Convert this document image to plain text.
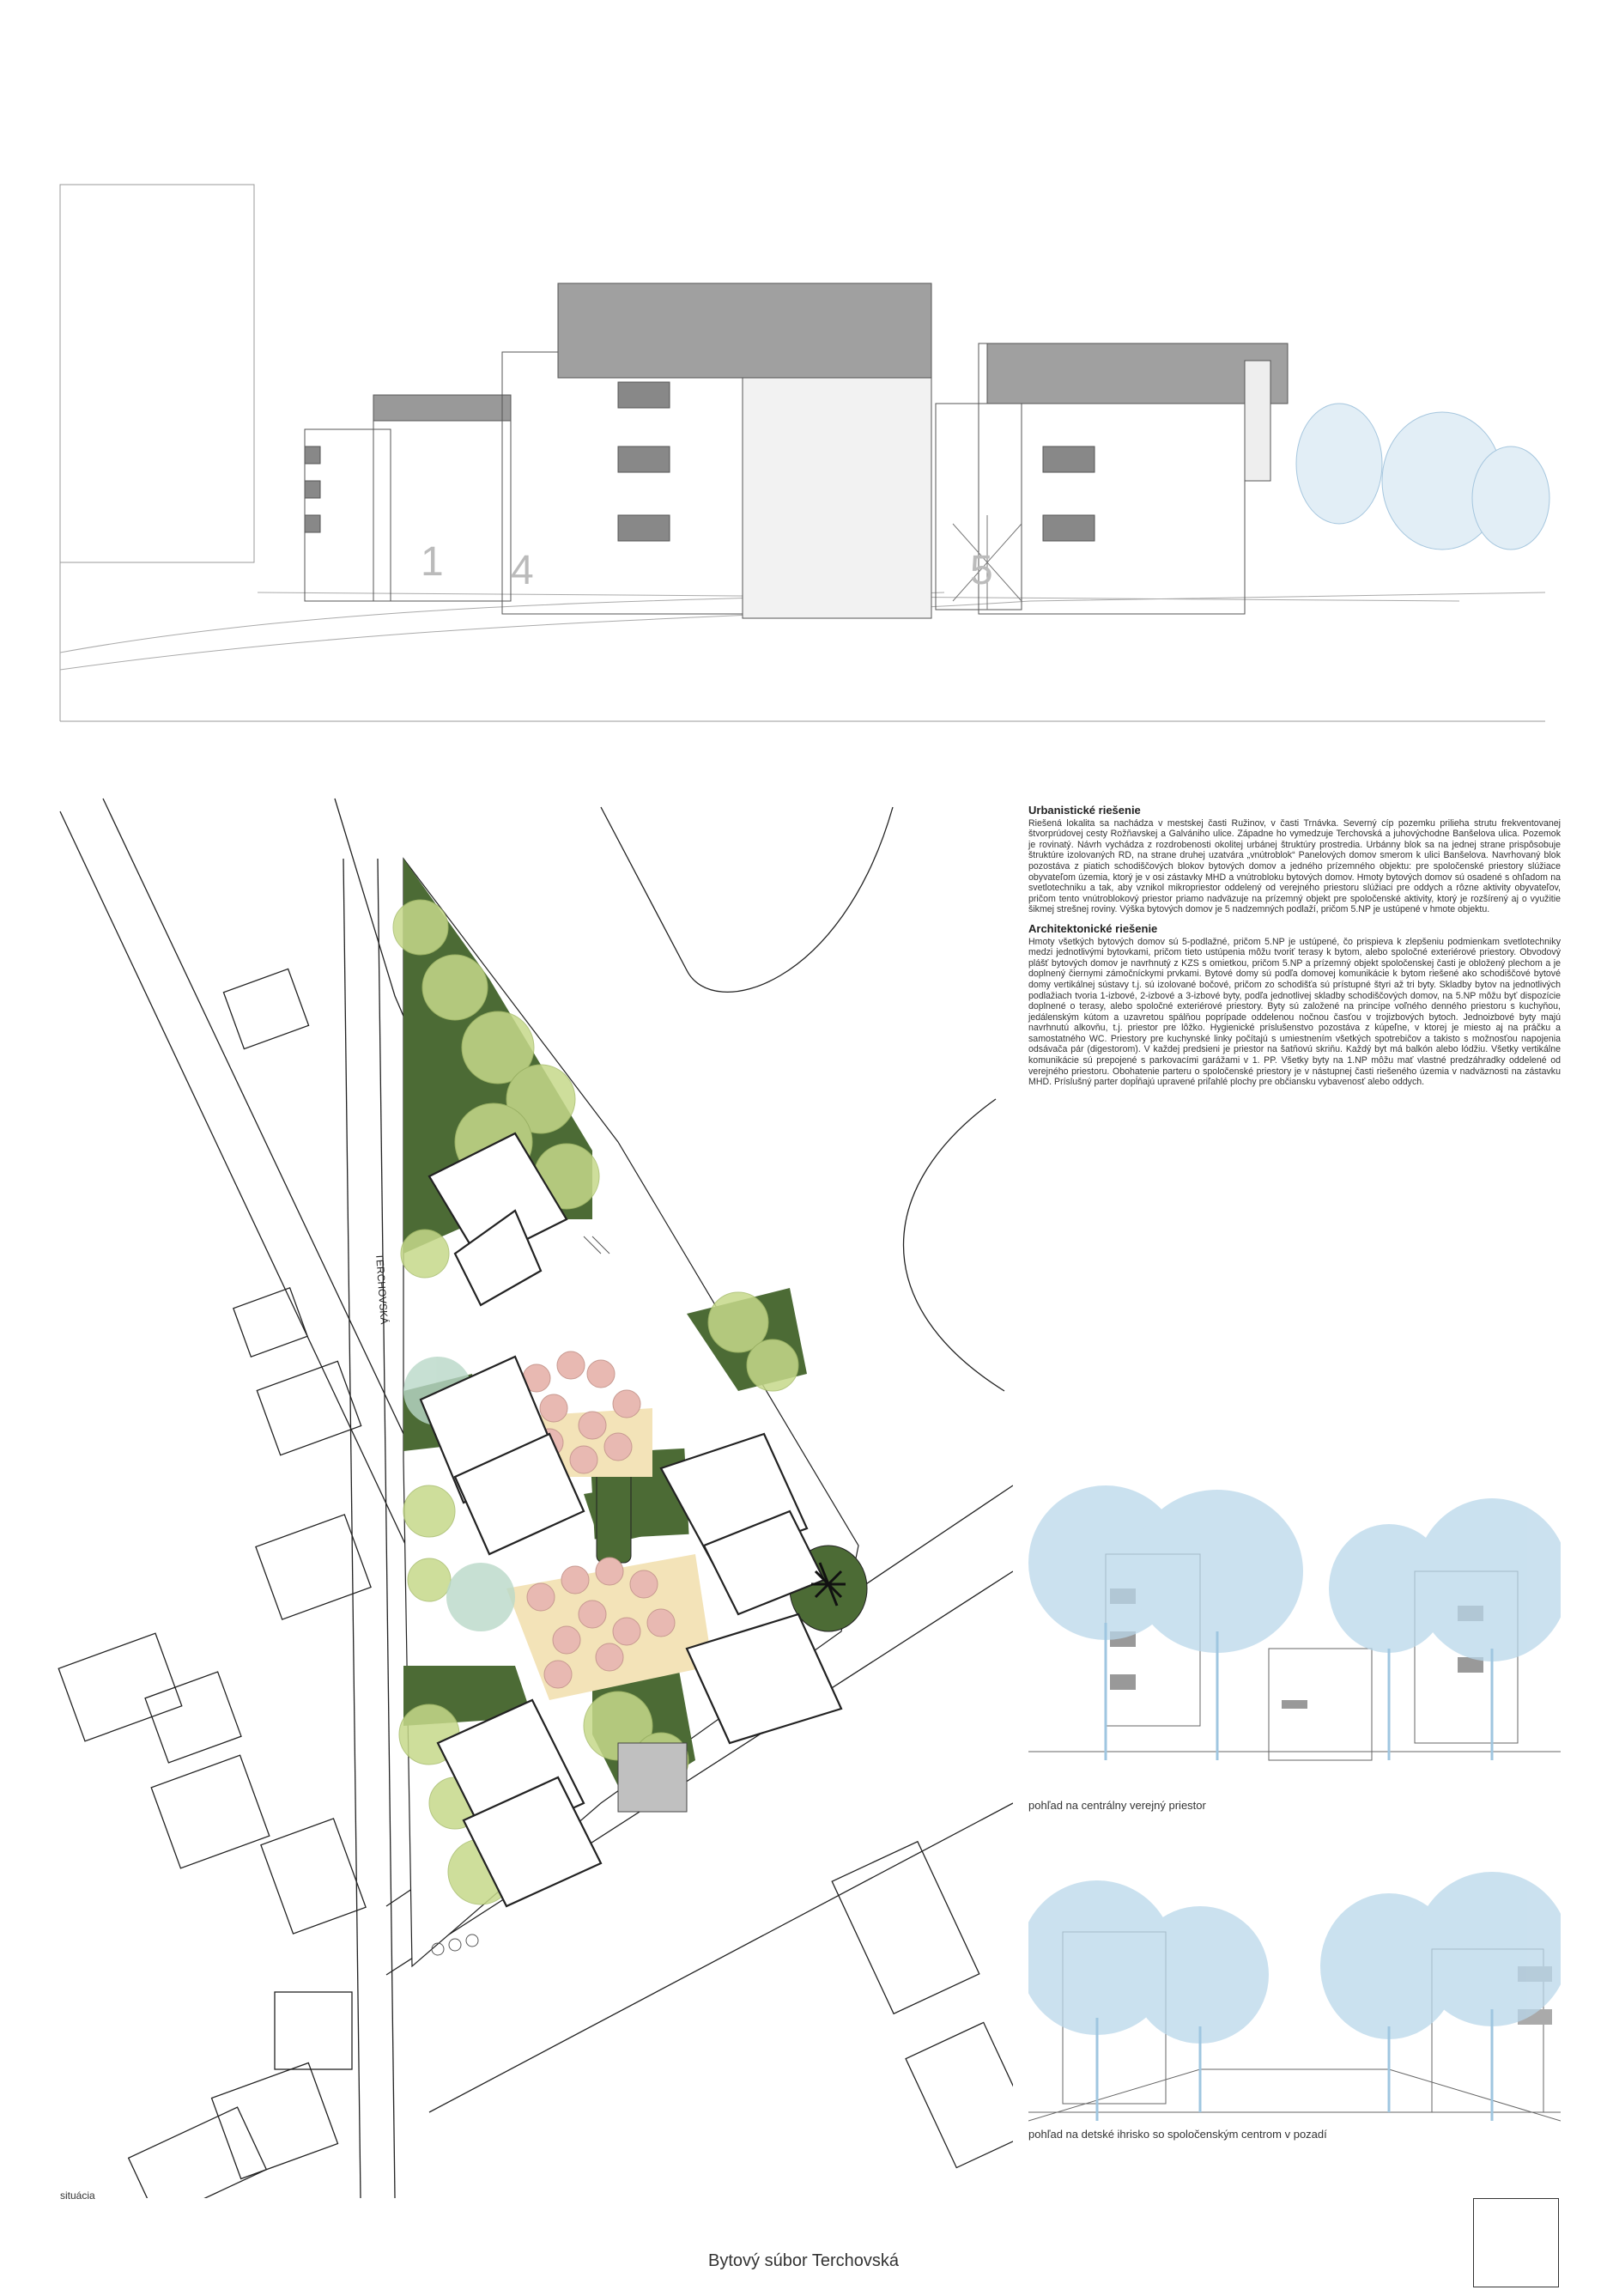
1 4	5
TERCHOVSKÁ
Urbanistické riešenie

Riešená lokalita sa nachádza v mestskej časti Ružinov, v časti Trnávka. Severný cíp pozemku prilieha strutu frekventovanej štvorprúdovej cesty Rožňavskej a Galvániho ulice. Západne ho vymedzuje Terchovská a juhovýchodne Banšelova ulica. Pozemok je rovinatý. Návrh vychádza z rozdrobenosti okolitej urbánej štruktúry prostredia. Urbánny blok sa na jednej strane prispôsobuje štruktúre izolovaných RD, na strane druhej uzatvára „vnútroblok“ Panelových domov smerom k ulici Banšelova. Navrhovaný blok pozostáva z piatich schodiščových blokov bytových domov a jedného prízemného objektu: pre spoločenské priestory slúžiace obyvateľom územia, ktorý je v osi zástavky MHD a vnútrobloku bytových domov. Hmoty bytových domov sú osadené s ohľadom na svetlotechniku a tak, aby vznikol mikropriestor oddelený od verejného priestoru slúžiaci pre oddych a rôzne aktivity obyvateľov, pričom tento vnútroblokový priestor priamo nadväzuje na prízemný objekt pre spoločenské aktivity, ktorý je rozšírený aj o využitie šikmej strešnej roviny. Výška bytových domov je 5 nadzemných podlaží, pričom 5.NP je ustúpené v hmote objektu.

Architektonické riešenie

Hmoty všetkých bytových domov sú 5-podlažné, pričom 5.NP je ustúpené, čo prispieva k zlepšeniu podmienkam svetlotechniky medzi jednotlivými bytovkami, pričom tieto ustúpenia môžu tvoriť terasy k bytom, alebo spoločné exteriérové priestory. Obvodový plášť bytových domov je navrhnutý z KZS s omietkou, pričom 5.NP a prízemný objekt spoločenskej časti je obložený plechom a je doplnený čiernymi zámočníckymi prvkami. Bytové domy sú podľa domovej komunikácie k bytom riešené ako schodiščové bytové domy vertikálnej sústavy t.j. sú izolované bočové, pričom zo schodišťa sú prístupné štyri až tri byty. Skladby bytov na jednotlivých podlažiach tvoria 1-izbové, 2-izbové a 3-izbové byty, podľa jednotlivej skladby schodiščových domov, na 5.NP môžu byť dispozície doplnené o terasy, alebo spoločné exteriérové priestory. Byty sú založené na princípe voľného denného priestoru s kuchyňou, jedálenským kútom a uzavretou spálňou poprípade oddelenou nočnou časťou v trojizbových bytoch. Jednoizbové byty majú navrhnutú alkovňu, t.j. priestor pre lôžko. Hygienické príslušenstvo pozostáva z kúpeľne, v ktorej je miesto aj na práčku a samostatného WC. Priestory pre kuchynské linky počítajú s umiestnením všetkých spotrebičov a takisto s možnosťou napojenia odsávača pár (digestorom). V každej predsieni je priestor na šatňovú skriňu. Každý byt má balkón alebo lódžiu. Všetky vertikálne komunikácie sú prepojené s parkovacími garážami v 1. PP. Všetky byty na 1.NP môžu mať vlastné predzáhradky oddelené od verejného priestoru. Obohatenie parteru o spoločenské priestory je v nástupnej časti riešeného územia v nadväznosti na zástavku MHD. Príslušný parter dopĺňajú upravené priľahlé plochy pre občiansku vybavenosť alebo oddych.

pohľad na centrálny verejný priestor
pohľad na detské ihrisko so spoločenským centrom v pozadí
situácia
Bytový súbor Terchovská
